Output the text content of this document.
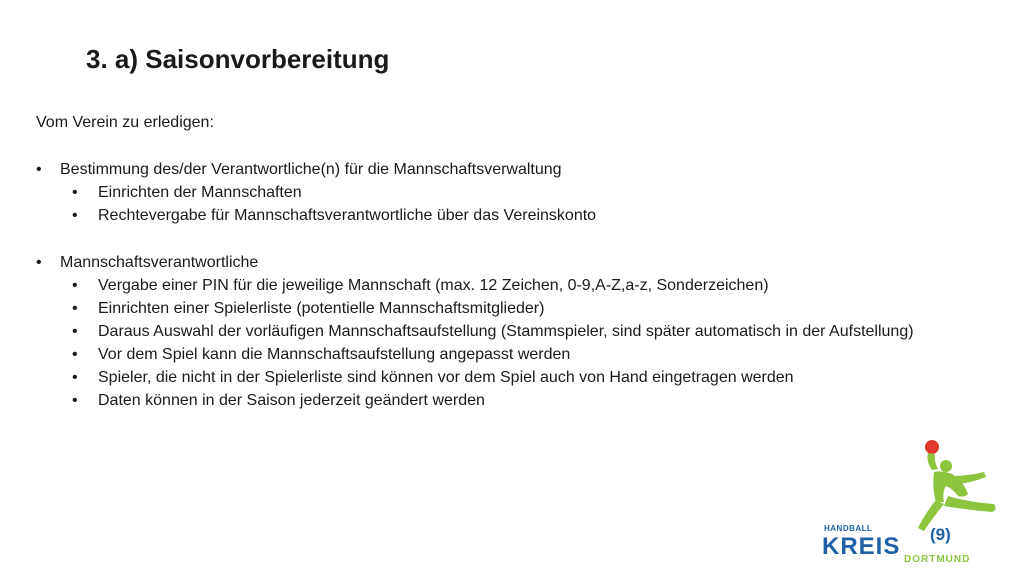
3. a) Saisonvorbereitung
Vom Verein zu erledigen:
• Bestimmung des/der Verantwortliche(n) für die Mannschaftsverwaltung
• Einrichten der Mannschaften
• Rechtevergabe für Mannschaftsverantwortliche über das Vereinskonto
• Mannschaftsverantwortliche
• Vergabe einer PIN für die jeweilige Mannschaft (max. 12 Zeichen, 0-9,A-Z,a-z, Sonderzeichen)
• Einrichten einer Spielerliste (potentielle Mannschaftsmitglieder)
• Daraus Auswahl der vorläufigen Mannschaftsaufstellung (Stammspieler, sind später automatisch in der Aufstellung)
• Vor dem Spiel kann die Mannschaftsaufstellung angepasst werden
• Spieler, die nicht in der Spielerliste sind können vor dem Spiel auch von Hand eingetragen werden
• Daten können in der Saison jederzeit geändert werden
HANDBALL
KREIS (9)
DORTMUND
